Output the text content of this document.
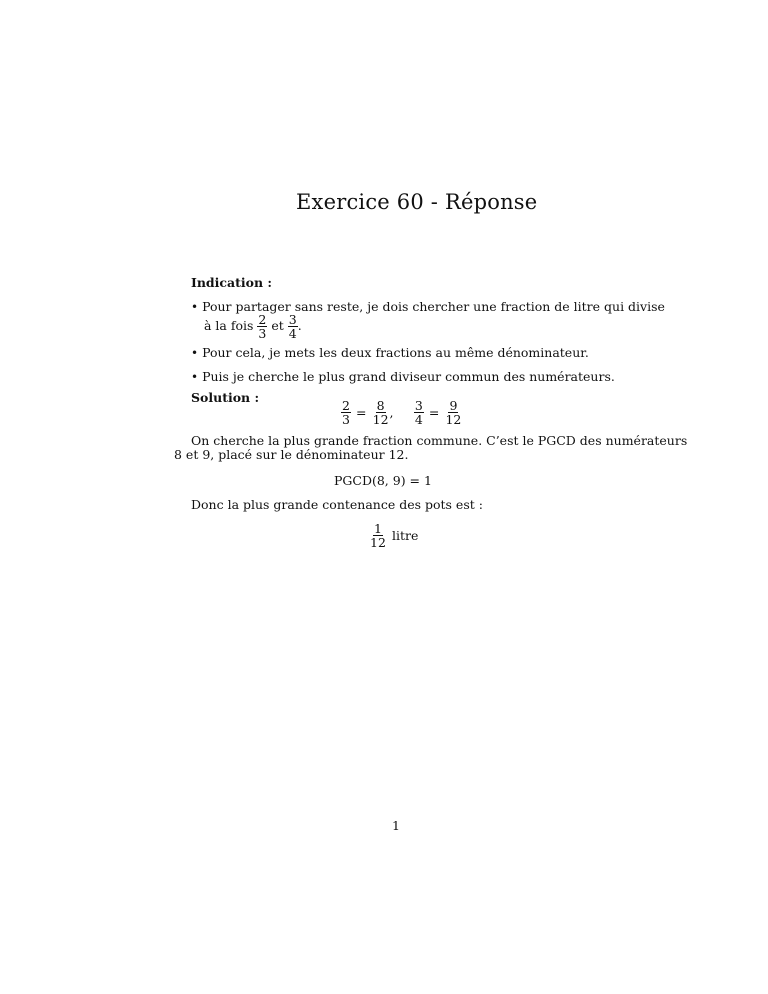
Exercice 60 - Réponse
Indication :
• Pour partager sans reste, je dois chercher une fraction de litre qui divise
à la fois $\frac{2}{3}$ et $\frac{3}{4}$ .
• Pour cela, je mets les deux fractions au même dénominateur.
• Puis je cherche le plus grand diviseur commun des numérateurs.
Solution :
$\frac{2}{3} = \frac{8}{12}$ , $\frac{3}{4} = \frac{9}{12}$
On cherche la plus grande fraction commune. C’est le PGCD des numérateurs
8 et 9, placé sur le dénominateur 12.
PGCD(8, 9) = 1
Donc la plus grande contenance des pots est :
$\frac{1}{12}$ litre
1
